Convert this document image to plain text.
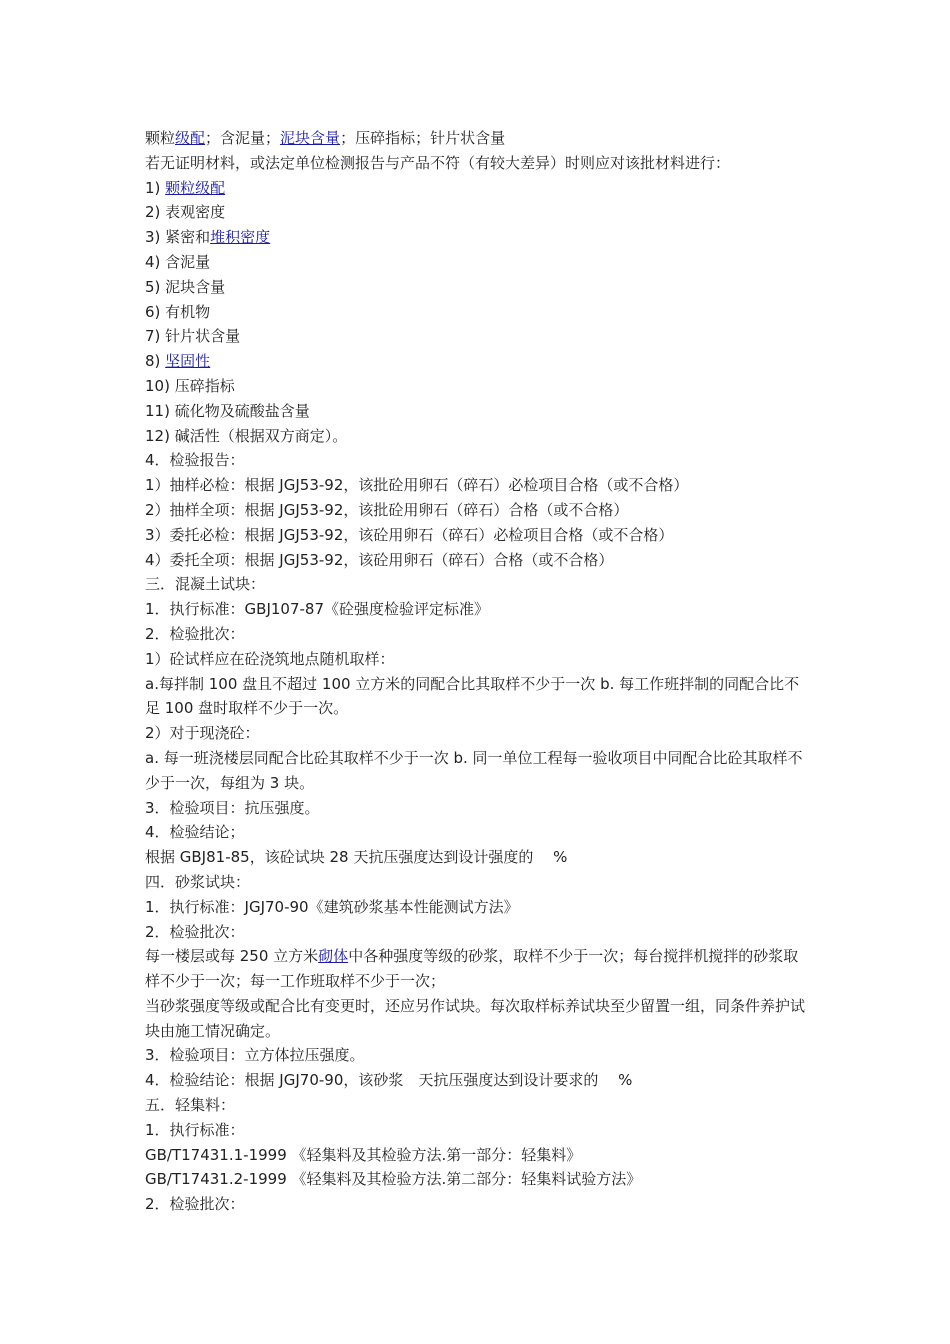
颗粒级配；含泥量；泥块含量；压碎指标；针片状含量

若无证明材料，或法定单位检测报告与产品不符（有较大差异）时则应对该批材料进行：

1) 颗粒级配

2) 表观密度

3) 紧密和堆积密度

4) 含泥量

5) 泥块含量

6) 有机物

7) 针片状含量

8) 坚固性

10) 压碎指标

11) 硫化物及硫酸盐含量

12) 碱活性（根据双方商定）。

4．检验报告：

1）抽样必检：根据 JGJ53-92，该批砼用卵石（碎石）必检项目合格（或不合格）

2）抽样全项：根据 JGJ53-92，该批砼用卵石（碎石）合格（或不合格）

3）委托必检：根据 JGJ53-92，该砼用卵石（碎石）必检项目合格（或不合格）

4）委托全项：根据 JGJ53-92，该砼用卵石（碎石）合格（或不合格）

三．混凝土试块：

1．执行标准：GBJ107-87《砼强度检验评定标准》

2．检验批次：

1）砼试样应在砼浇筑地点随机取样：

a.每拌制 100 盘且不超过 100 立方米的同配合比其取样不少于一次 b. 每工作班拌制的同配合比不足 100 盘时取样不少于一次。

2）对于现浇砼：

a. 每一班浇楼层同配合比砼其取样不少于一次 b. 同一单位工程每一验收项目中同配合比砼其取样不少于一次，每组为 3 块。

3．检验项目：抗压强度。

4．检验结论；

根据 GBJ81-85，该砼试块 28 天抗压强度达到设计强度的　 %

四．砂浆试块：

1．执行标准：JGJ70-90《建筑砂浆基本性能测试方法》

2．检验批次：

每一楼层或每 250 立方米砌体中各种强度等级的砂浆，取样不少于一次；每台搅拌机搅拌的砂浆取样不少于一次；每一工作班取样不少于一次；

当砂浆强度等级或配合比有变更时，还应另作试块。每次取样标养试块至少留置一组，同条件养护试块由施工情况确定。

3．检验项目：立方体拉压强度。

4．检验结论：根据 JGJ70-90，该砂浆　天抗压强度达到设计要求的　 %

五．轻集料：

1．执行标准：

GB/T17431.1-1999 《轻集料及其检验方法.第一部分：轻集料》

GB/T17431.2-1999 《轻集料及其检验方法.第二部分：轻集料试验方法》

2．检验批次：
